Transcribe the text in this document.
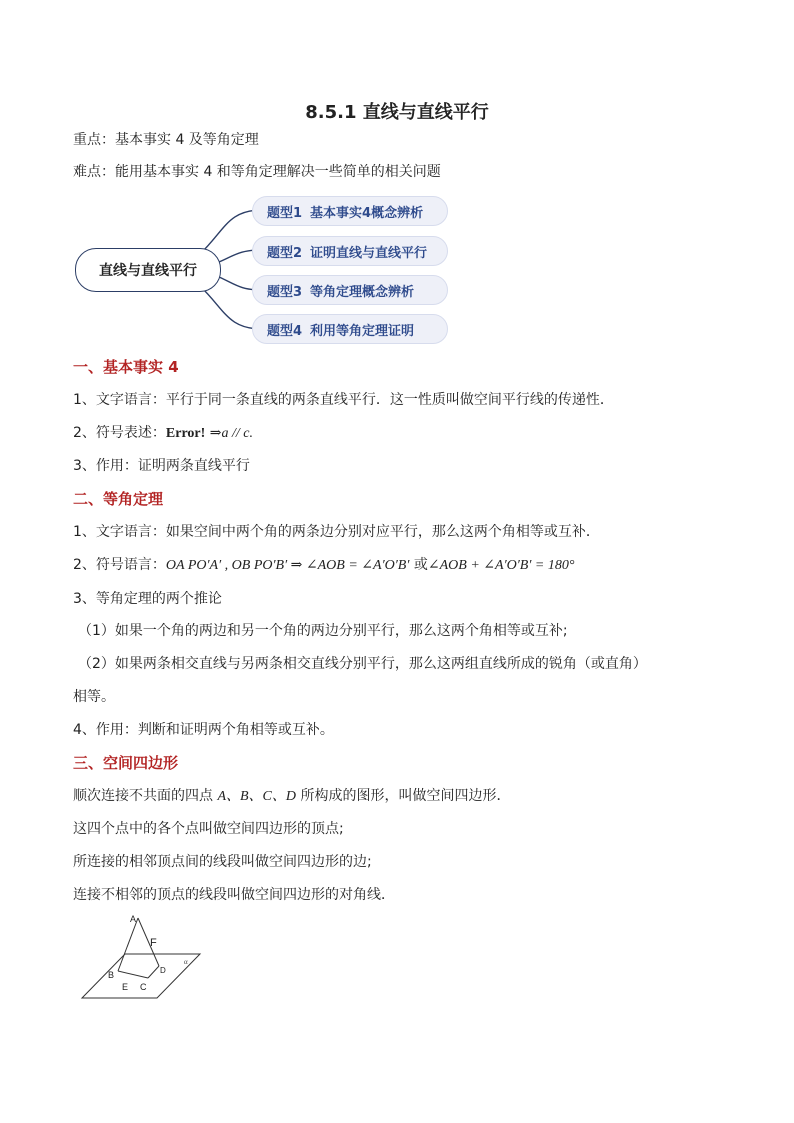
8.5.1 直线与直线平行
重点：基本事实 4 及等角定理
难点：能用基本事实 4 和等角定理解决一些简单的相关问题
直线与直线平行
题型1 基本事实4概念辨析
题型2 证明直线与直线平行
题型3 等角定理概念辨析
题型4 利用等角定理证明
一、基本事实 4
1、文字语言：平行于同一条直线的两条直线平行．这一性质叫做空间平行线的传递性．
2、符号表述：Error! ⇒a // c.
3、作用：证明两条直线平行
二、等角定理
1、文字语言：如果空间中两个角的两条边分别对应平行，那么这两个角相等或互补．
2、符号语言：OA PO′A′ , OB PO′B′ ⇒ ∠AOB = ∠A′O′B′ 或∠AOB + ∠A′O′B′ = 180°
3、等角定理的两个推论
（1）如果一个角的两边和另一个角的两边分别平行，那么这两个角相等或互补;
（2）如果两条相交直线与另两条相交直线分别平行，那么这两组直线所成的锐角（或直角）
相等。
4、作用：判断和证明两个角相等或互补。
三、空间四边形
顺次连接不共面的四点 A、B、C、D 所构成的图形，叫做空间四边形．
这四个点中的各个点叫做空间四边形的顶点;
所连接的相邻顶点间的线段叫做空间四边形的边;
连接不相邻的顶点的线段叫做空间四边形的对角线．
A
F
B	D
E C
α
